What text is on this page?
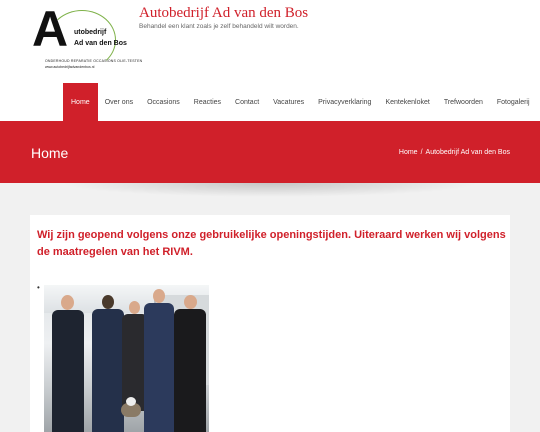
A utobedrijf
Ad van den Bos
ONDERHOUD REPARATIE OCCASIONS OLIE-TESTEN
www.autobedrijfadvandenbos.nl
Autobedrijf Ad van den Bos
Behandel een klant zoals je zelf behandeld wilt worden.
Home	Over ons	Occasions	Reacties	Contact	Vacatures	Privacyverklaring	Kentekenloket	Trefwoorden	Fotogalerij
Home	Home / Autobedrijf Ad van den Bos
Wij zijn geopend volgens onze gebruikelijke openingstijden. Uiteraard werken wij volgens de maatregelen van het RIVM.
•
